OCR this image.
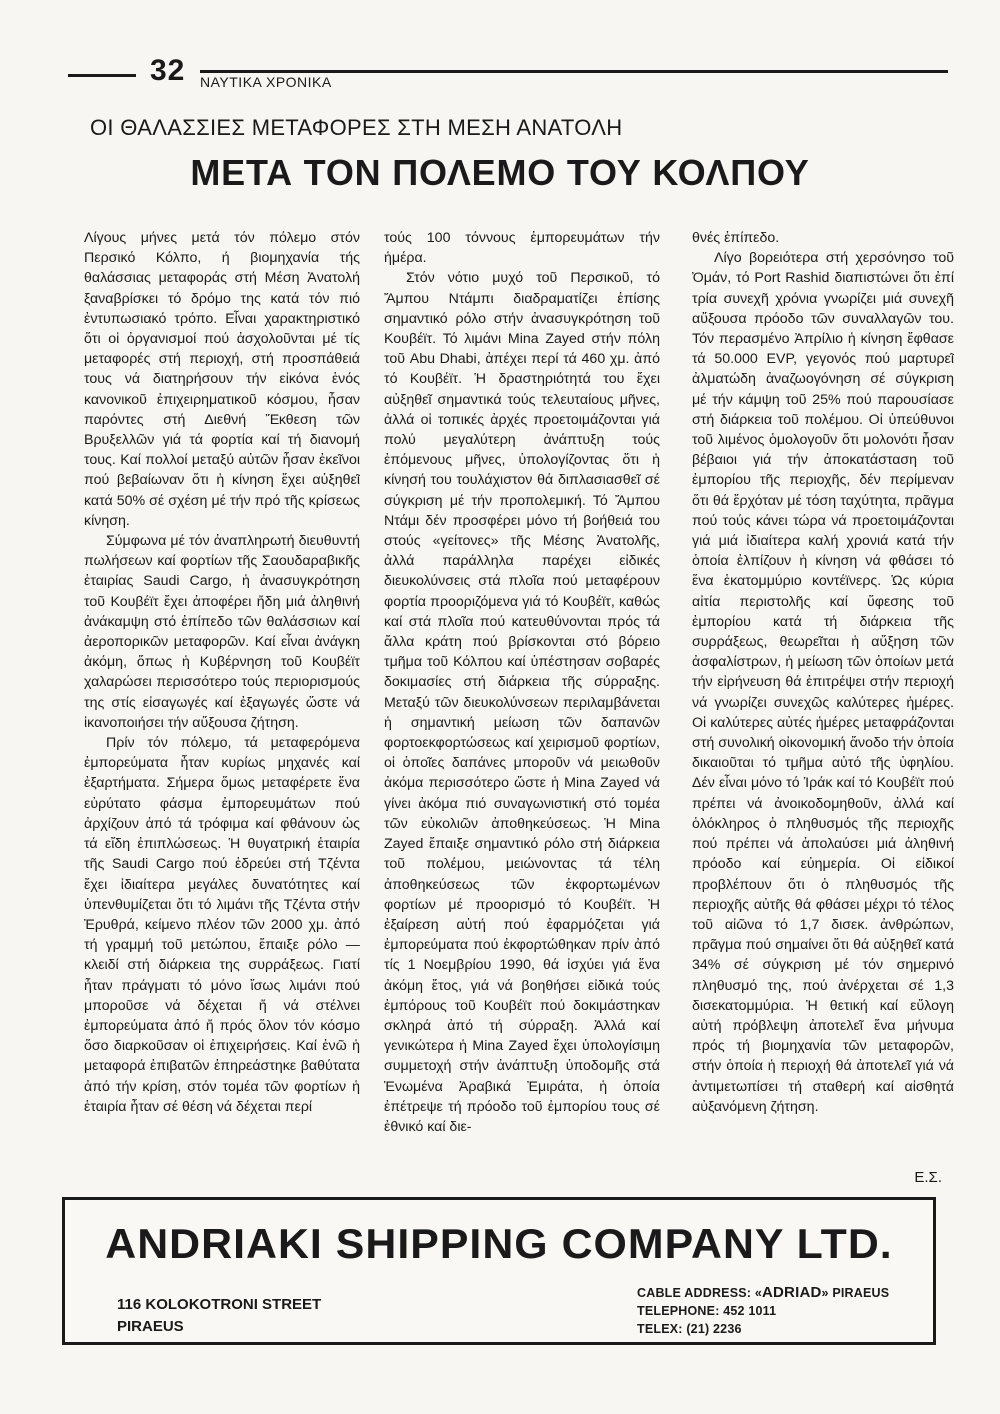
32 ΝΑΥΤΙΚΑ ΧΡΟΝΙΚΑ
ΟΙ ΘΑΛΑΣΣΙΕΣ ΜΕΤΑΦΟΡΕΣ ΣΤΗ ΜΕΣΗ ΑΝΑΤΟΛΗ
ΜΕΤΑ ΤΟΝ ΠΟΛΕΜΟ ΤΟΥ ΚΟΛΠΟΥ

Λίγους μήνες μετά τόν πόλεμο στόν Περσικό Κόλπο, ή βιομηχανία τής θαλάσσιας μεταφοράς στή Μέση Ἀνατολή ξαναβρίσκει τό δρόμο της κατά τόν πιό ἐντυπωσιακό τρόπο. Εἶναι χαρακτηριστικό ὅτι οἱ ὀργανισμοί πού ἀσχολοῦνται μέ τίς μεταφορές στή περιοχή, στή προσπάθειά τους νά διατηρήσουν τήν εἰκόνα ἑνός κανονικοῦ ἐπιχειρηματικοῦ κόσμου, ἦσαν παρόντες στή Διεθνή Ἔκθεση τῶν Βρυξελλῶν γιά τά φορτία καί τή διανομή τους. Καί πολλοί μεταξύ αὐτῶν ἦσαν ἐκεῖνοι πού βεβαίωναν ὅτι ἡ κίνηση ἔχει αὐξηθεῖ κατά 50% σέ σχέση μέ τήν πρό τῆς κρίσεως κίνηση.

Σύμφωνα μέ τόν ἀναπληρωτή διευθυντή πωλήσεων καί φορτίων τῆς Σαουδαραβικῆς ἑταιρίας Saudi Cargo, ἡ ἀνασυγκρότηση τοῦ Κουβέϊτ ἔχει ἀποφέρει ἤδη μιά ἀληθινή ἀνάκαμψη στό ἐπίπεδο τῶν θαλάσσιων καί ἀεροπορικῶν μεταφορῶν. Καί εἶναι ἀνάγκη ἀκόμη, ὅπως ἡ Κυβέρνηση τοῦ Κουβέϊτ χαλαρώσει περισσότερο τούς περιορισμούς της στίς εἰσαγωγές καί ἐξαγωγές ὥστε νά ἱκανοποιήσει τήν αὔξουσα ζήτηση.

Πρίν τόν πόλεμο, τά μεταφερόμενα ἐμπορεύματα ἦταν κυρίως μηχανές καί ἐξαρτήματα. Σήμερα ὅμως μεταφέρετε ἕνα εὐρύτατο φάσμα ἐμπορευμάτων πού ἀρχίζουν ἀπό τά τρόφιμα καί φθάνουν ὡς τά εἴδη ἐπιπλώσεως. Ἡ θυγατρική ἑταιρία τῆς Saudi Cargo πού ἑδρεύει στή Τζέντα ἔχει ἰδιαίτερα μεγάλες δυνατότητες καί ὑπενθυμίζεται ὅτι τό λιμάνι τῆς Τζέντα στήν Ἐρυθρά, κείμενο πλέον τῶν 2000 χμ. ἀπό τή γραμμή τοῦ μετώπου, ἔπαιξε ρόλο — κλειδί στή διάρκεια της συρράξεως. Γιατί ἦταν πράγματι τό μόνο ἴσως λιμάνι πού μποροῦσε νά δέχεται ἤ νά στέλνει ἐμπορεύματα ἀπό ἤ πρός ὅλον τόν κόσμο ὅσο διαρκοῦσαν οἱ ἐπιχειρήσεις. Καί ἐνῶ ἡ μεταφορά ἐπιβατῶν ἐπηρεάστηκε βαθύτατα ἀπό τήν κρίση, στόν τομέα τῶν φορτίων ἡ ἑταιρία ἦταν σέ θέση νά δέχεται περί

τούς 100 τόννους ἐμπορευμάτων τήν ἡμέρα.

Στόν νότιο μυχό τοῦ Περσικοῦ, τό Ἄμπου Ντάμπι διαδραματίζει ἐπίσης σημαντικό ρόλο στήν ἀνασυγκρότηση τοῦ Κουβέϊτ. Τό λιμάνι Mina Zayed στήν πόλη τοῦ Abu Dhabi, ἀπέχει περί τά 460 χμ. ἀπό τό Κουβέϊτ. Ἡ δραστηριότητά του ἔχει αὐξηθεῖ σημαντικά τούς τελευταίους μῆνες, ἀλλά οἱ τοπικές ἀρχές προετοιμάζονται γιά πολύ μεγαλύτερη ἀνάπτυξη τούς ἐπόμενους μῆνες, ὑπολογίζοντας ὅτι ἡ κίνησή του τουλάχιστον θά διπλασιασθεῖ σέ σύγκριση μέ τήν προπολεμική. Τό Ἄμπου Ντάμι δέν προσφέρει μόνο τή βοήθειά του στούς «γείτονες» τῆς Μέσης Ἀνατολῆς, ἀλλά παράλληλα παρέχει εἰδικές διευκολύνσεις στά πλοῖα πού μεταφέρουν φορτία προοριζόμενα γιά τό Κουβέϊτ, καθώς καί στά πλοῖα πού κατευθύνονται πρός τά ἄλλα κράτη πού βρίσκονται στό βόρειο τμῆμα τοῦ Κόλπου καί ὑπέστησαν σοβαρές δοκιμασίες στή διάρκεια τῆς σύρραξης. Μεταξύ τῶν διευκολύνσεων περιλαμβάνεται ἡ σημαντική μείωση τῶν δαπανῶν φορτοεκφορτώσεως καί χειρισμοῦ φορτίων, οἱ ὁποῖες δαπάνες μποροῦν νά μειωθοῦν ἀκόμα περισσότερο ὥστε ἡ Mina Zayed νά γίνει ἀκόμα πιό συναγωνιστική στό τομέα τῶν εὐκολιῶν ἀποθηκεύσεως. Ἡ Mina Zayed ἔπαιξε σημαντικό ρόλο στή διάρκεια τοῦ πολέμου, μειώνοντας τά τέλη ἀποθηκεύσεως τῶν ἐκφορτωμένων φορτίων μέ προορισμό τό Κουβέϊτ. Ἡ ἐξαίρεση αὐτή πού ἐφαρμόζεται γιά ἐμπορεύματα πού ἐκφορτώθηκαν πρίν ἀπό τίς 1 Νοεμβρίου 1990, θά ἰσχύει γιά ἕνα ἀκόμη ἔτος, γιά νά βοηθήσει εἰδικά τούς ἐμπόρους τοῦ Κουβέϊτ πού δοκιμάστηκαν σκληρά ἀπό τή σύρραξη. Ἀλλά καί γενικώτερα ἡ Mina Zayed ἔχει ὑπολογίσιμη συμμετοχή στήν ἀνάπτυξη ὑποδομῆς στά Ἑνωμένα Ἀραβικά Ἐμιράτα, ἡ ὁποία ἐπέτρεψε τή πρόοδο τοῦ ἐμπορίου τους σέ ἐθνικό καί διε-

θνές ἐπίπεδο.

Λίγο βορειότερα στή χερσόνησο τοῦ Ὀμάν, τό Port Rashid διαπιστώνει ὅτι ἐπί τρία συνεχῆ χρόνια γνωρίζει μιά συνεχῆ αὔξουσα πρόοδο τῶν συναλλαγῶν του. Τόν περασμένο Ἀπρίλιο ἡ κίνηση ἔφθασε τά 50.000 EVP, γεγονός πού μαρτυρεῖ ἀλματώδη ἀναζωογόνηση σέ σύγκριση μέ τήν κάμψη τοῦ 25% πού παρουσίασε στή διάρκεια τοῦ πολέμου. Οἱ ὑπεύθυνοι τοῦ λιμένος ὁμολογοῦν ὅτι μολονότι ἦσαν βέβαιοι γιά τήν ἀποκατάσταση τοῦ ἐμπορίου τῆς περιοχῆς, δέν περίμεναν ὅτι θά ἔρχόταν μέ τόση ταχύτητα, πρᾶγμα πού τούς κάνει τώρα νά προετοιμάζονται γιά μιά ἰδιαίτερα καλή χρονιά κατά τήν ὁποία ἐλπίζουν ἡ κίνηση νά φθάσει τό ἕνα ἑκατομμύριο κοντέϊνερς. Ὡς κύρια αἰτία περιστολῆς καί ὕφεσης τοῦ ἐμπορίου κατά τή διάρκεια τῆς συρράξεως, θεωρεῖται ἡ αὔξηση τῶν ἀσφαλίστρων, ἡ μείωση τῶν ὁποίων μετά τήν εἰρήνευση θά ἐπιτρέψει στήν περιοχή νά γνωρίζει συνεχῶς καλύτερες ἡμέρες. Οἱ καλύτερες αὐτές ἡμέρες μεταφράζονται στή συνολική οἰκονομική ἄνοδο τήν ὁποία δικαιοῦται τό τμῆμα αὐτό τῆς ὑφηλίου. Δέν εἶναι μόνο τό Ἰράκ καί τό Κουβέϊτ πού πρέπει νά ἀνοικοδομηθοῦν, ἀλλά καί ὁλόκληρος ὁ πληθυσμός τῆς περιοχῆς πού πρέπει νά ἀπολαύσει μιά ἀληθινή πρόοδο καί εὐημερία. Οἱ εἰδικοί προβλέπουν ὅτι ὁ πληθυσμός τῆς περιοχῆς αὐτῆς θά φθάσει μέχρι τό τέλος τοῦ αἰῶνα τό 1,7 δισεκ. ἀνθρώπων, πρᾶγμα πού σημαίνει ὅτι θά αὐξηθεῖ κατά 34% σέ σύγκριση μέ τόν σημερινό πληθυσμό της, πού ἀνέρχεται σέ 1,3 δισεκατομμύρια. Ἡ θετική καί εὔλογη αὐτή πρόβλεψη ἀποτελεῖ ἕνα μήνυμα πρός τή βιομηχανία τῶν μεταφορῶν, στήν ὁποία ἡ περιοχή θά ἀποτελεῖ γιά νά ἀντιμετωπίσει τή σταθερή καί αἰσθητά αὐξανόμενη ζήτηση.

Ε.Σ.
ANDRIAKI SHIPPING COMPANY LTD.
116 KOLOKOTRONI STREET
PIRAEUS
CABLE ADDRESS: «ADRIAD» PIRAEUS
TELEPHONE: 452 1011
TELEX: (21) 2236
